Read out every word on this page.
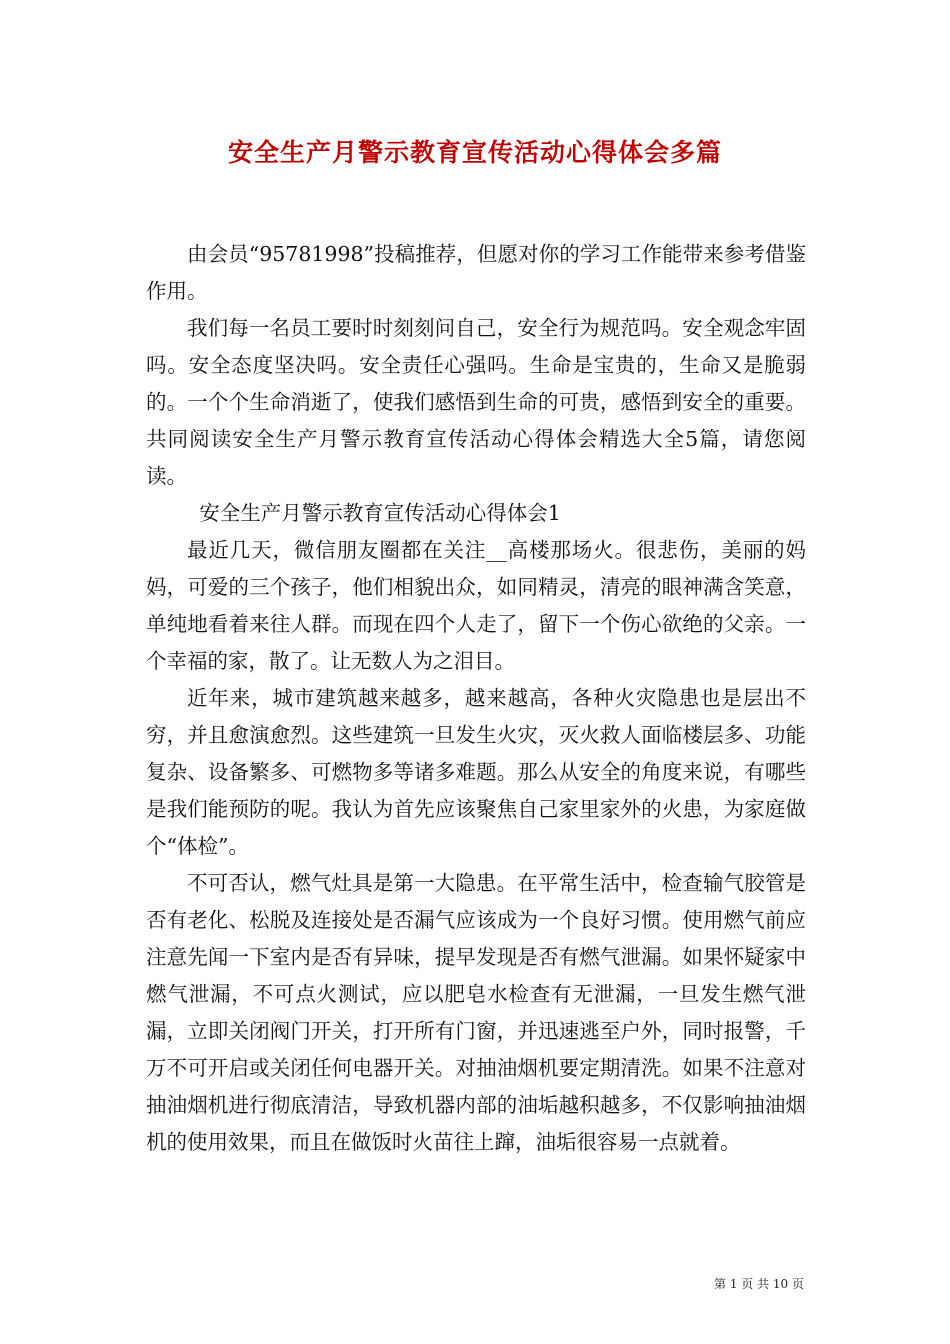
安全生产月警示教育宣传活动心得体会多篇

由会员“95781998”投稿推荐，但愿对你的学习工作能带来参考借鉴作用。

我们每一名员工要时时刻刻问自己，安全行为规范吗。安全观念牢固吗。安全态度坚决吗。安全责任心强吗。生命是宝贵的，生命又是脆弱的。一个个生命消逝了，使我们感悟到生命的可贵，感悟到安全的重要。共同阅读安全生产月警示教育宣传活动心得体会精选大全5篇，请您阅读。

安全生产月警示教育宣传活动心得体会1

最近几天，微信朋友圈都在关注__高楼那场火。很悲伤，美丽的妈妈，可爱的三个孩子，他们相貌出众，如同精灵，清亮的眼神满含笑意，单纯地看着来往人群。而现在四个人走了，留下一个伤心欲绝的父亲。一个幸福的家，散了。让无数人为之泪目。

近年来，城市建筑越来越多，越来越高，各种火灾隐患也是层出不穷，并且愈演愈烈。这些建筑一旦发生火灾，灭火救人面临楼层多、功能复杂、设备繁多、可燃物多等诸多难题。那么从安全的角度来说，有哪些是我们能预防的呢。我认为首先应该聚焦自己家里家外的火患，为家庭做个“体检”。

不可否认，燃气灶具是第一大隐患。在平常生活中，检查输气胶管是否有老化、松脱及连接处是否漏气应该成为一个良好习惯。使用燃气前应注意先闻一下室内是否有异味，提早发现是否有燃气泄漏。如果怀疑家中燃气泄漏，不可点火测试，应以肥皂水检查有无泄漏，一旦发生燃气泄漏，立即关闭阀门开关，打开所有门窗，并迅速逃至户外，同时报警，千万不可开启或关闭任何电器开关。对抽油烟机要定期清洗。如果不注意对抽油烟机进行彻底清洁，导致机器内部的油垢越积越多，不仅影响抽油烟机的使用效果，而且在做饭时火苗往上蹿，油垢很容易一点就着。

第 1 页 共 10 页
